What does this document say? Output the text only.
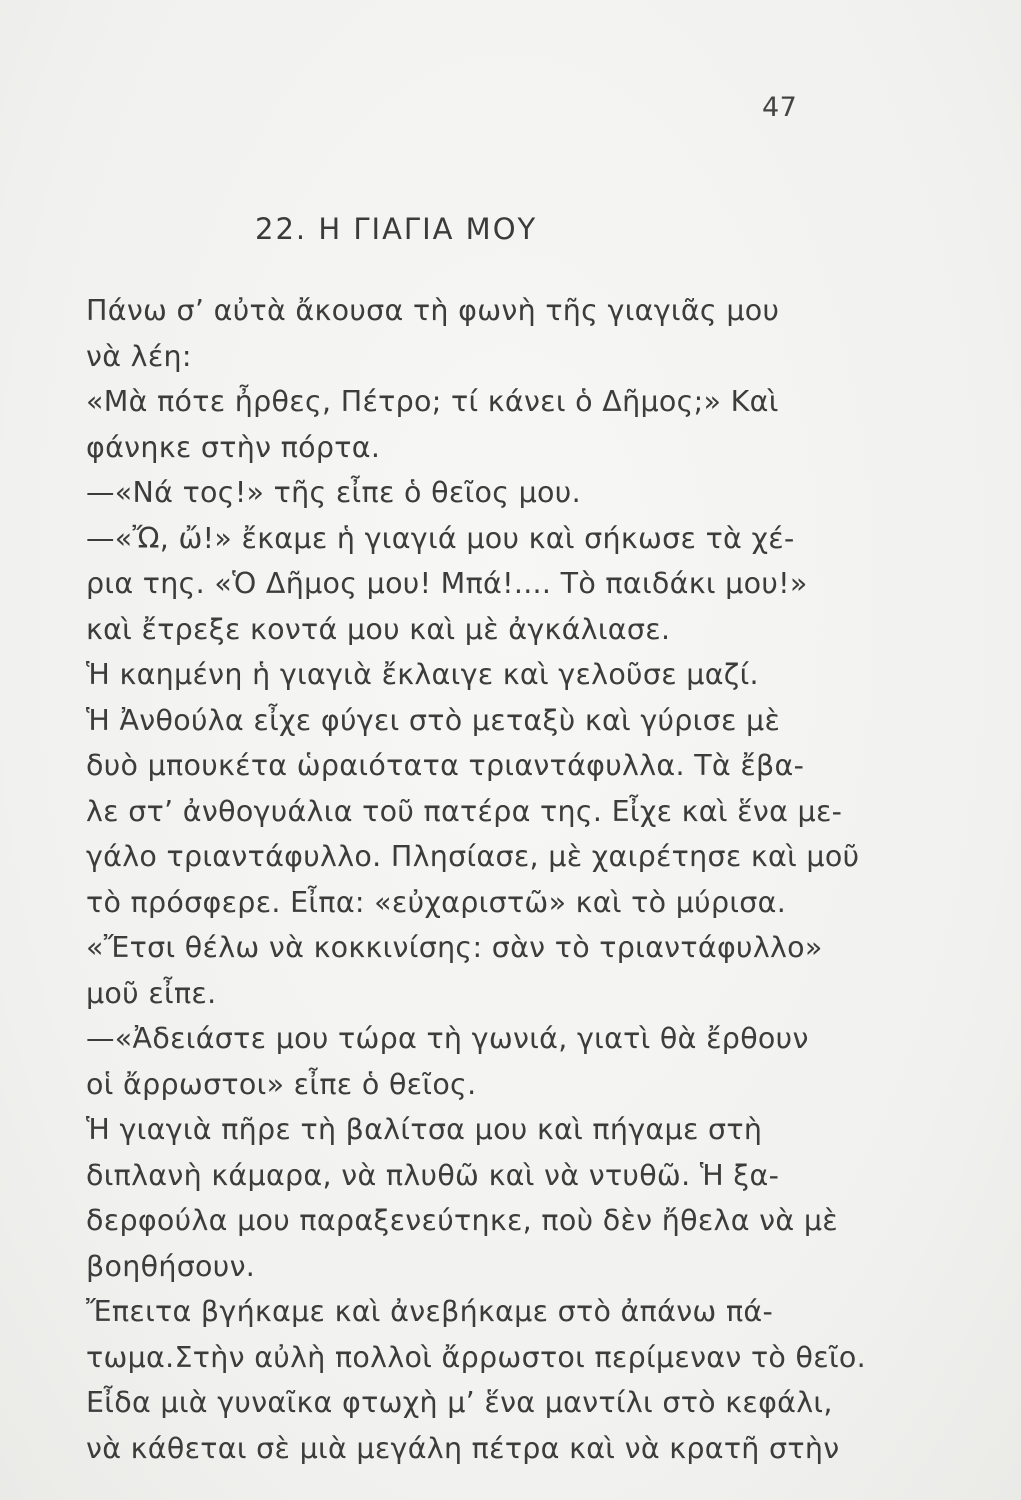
47
22. Η ΓΙΑΓΙΑ ΜΟΥ
Πάνω σ’ αὐτὰ ἄκουσα τὴ φωνὴ τῆς γιαγιᾶς μου
νὰ λέη:
«Μὰ πότε ἦρθες, Πέτρο; τί κάνει ὁ Δῆμος;» Καὶ
φάνηκε στὴν πόρτα.
—«Νά τος!» τῆς εἶπε ὁ θεῖος μου.
—«Ὤ, ὤ!» ἔκαμε ἡ γιαγιά μου καὶ σήκωσε τὰ χέ-
ρια της. «Ὁ Δῆμος μου! Μπά!.... Τὸ παιδάκι μου!»
καὶ ἔτρεξε κοντά μου καὶ μὲ ἀγκάλιασε.
Ἡ καημένη ἡ γιαγιὰ ἔκλαιγε καὶ γελοῦσε μαζί.
Ἡ Ἀνθούλα εἶχε φύγει στὸ μεταξὺ καὶ γύρισε μὲ
δυὸ μπουκέτα ὡραιότατα τριαντάφυλλα. Τὰ ἔβα-
λε στ’ ἀνθογυάλια τοῦ πατέρα της. Εἶχε καὶ ἕνα με-
γάλο τριαντάφυλλο. Πλησίασε, μὲ χαιρέτησε καὶ μοῦ
τὸ πρόσφερε. Εἶπα: «εὐχαριστῶ» καὶ τὸ μύρισα.
«Ἔτσι θέλω νὰ κοκκινίσης: σὰν τὸ τριαντάφυλλο»
μοῦ εἶπε.
—«Ἀδειάστε μου τώρα τὴ γωνιά, γιατὶ θὰ ἔρθουν
οἱ ἄρρωστοι» εἶπε ὁ θεῖος.
Ἡ γιαγιὰ πῆρε τὴ βαλίτσα μου καὶ πήγαμε στὴ
διπλανὴ κάμαρα, νὰ πλυθῶ καὶ νὰ ντυθῶ. Ἡ ξα-
δερφούλα μου παραξενεύτηκε, ποὺ δὲν ἤθελα νὰ μὲ
βοηθήσουν.
Ἔπειτα βγήκαμε καὶ ἀνεβήκαμε στὸ ἀπάνω πά-
τωμα.Στὴν αὐλὴ πολλοὶ ἄρρωστοι περίμεναν τὸ θεῖο.
Εἶδα μιὰ γυναῖκα φτωχὴ μ’ ἕνα μαντίλι στὸ κεφάλι,
νὰ κάθεται σὲ μιὰ μεγάλη πέτρα καὶ νὰ κρατῆ στὴν
